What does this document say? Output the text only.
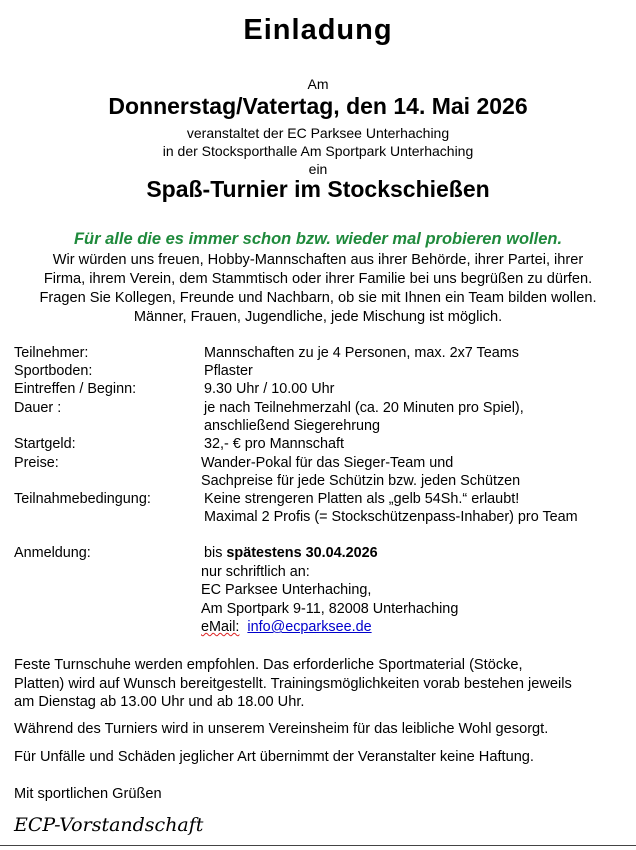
Einladung
Am
Donnerstag/Vatertag, den 14. Mai 2026
veranstaltet der EC Parksee Unterhaching
in der Stocksporthalle Am Sportpark Unterhaching
ein
Spaß-Turnier im Stockschießen
Für alle die es immer schon bzw. wieder mal probieren wollen.
Wir würden uns freuen, Hobby-Mannschaften aus ihrer Behörde, ihrer Partei, ihrer
Firma, ihrem Verein, dem Stammtisch oder ihrer Familie bei uns begrüßen zu dürfen.
Fragen Sie Kollegen, Freunde und Nachbarn, ob sie mit Ihnen ein Team bilden wollen.
Männer, Frauen, Jugendliche, jede Mischung ist möglich.
Teilnehmer:	Mannschaften zu je 4 Personen, max. 2x7 Teams
Sportboden:	Pflaster
Eintreffen / Beginn:	9.30 Uhr / 10.00 Uhr
Dauer :	je nach Teilnehmerzahl (ca. 20 Minuten pro Spiel),
anschließend Siegerehrung
Startgeld:	32,- € pro Mannschaft
Preise:	Wander-Pokal für das Sieger-Team und
Sachpreise für jede Schützin bzw. jeden Schützen
Teilnahmebedingung:	Keine strengeren Platten als „gelb 54Sh.“ erlaubt!
Maximal 2 Profis (= Stockschützenpass-Inhaber) pro Team
Anmeldung:	bis spätestens 30.04.2026
nur schriftlich an:
EC Parksee Unterhaching,
Am Sportpark 9-11, 82008 Unterhaching
eMail: info@ecparksee.de
Feste Turnschuhe werden empfohlen. Das erforderliche Sportmaterial (Stöcke,
Platten) wird auf Wunsch bereitgestellt. Trainingsmöglichkeiten vorab bestehen jeweils
am Dienstag ab 13.00 Uhr und ab 18.00 Uhr.
Während des Turniers wird in unserem Vereinsheim für das leibliche Wohl gesorgt.
Für Unfälle und Schäden jeglicher Art übernimmt der Veranstalter keine Haftung.
Mit sportlichen Grüßen
ECP-Vorstandschaft
